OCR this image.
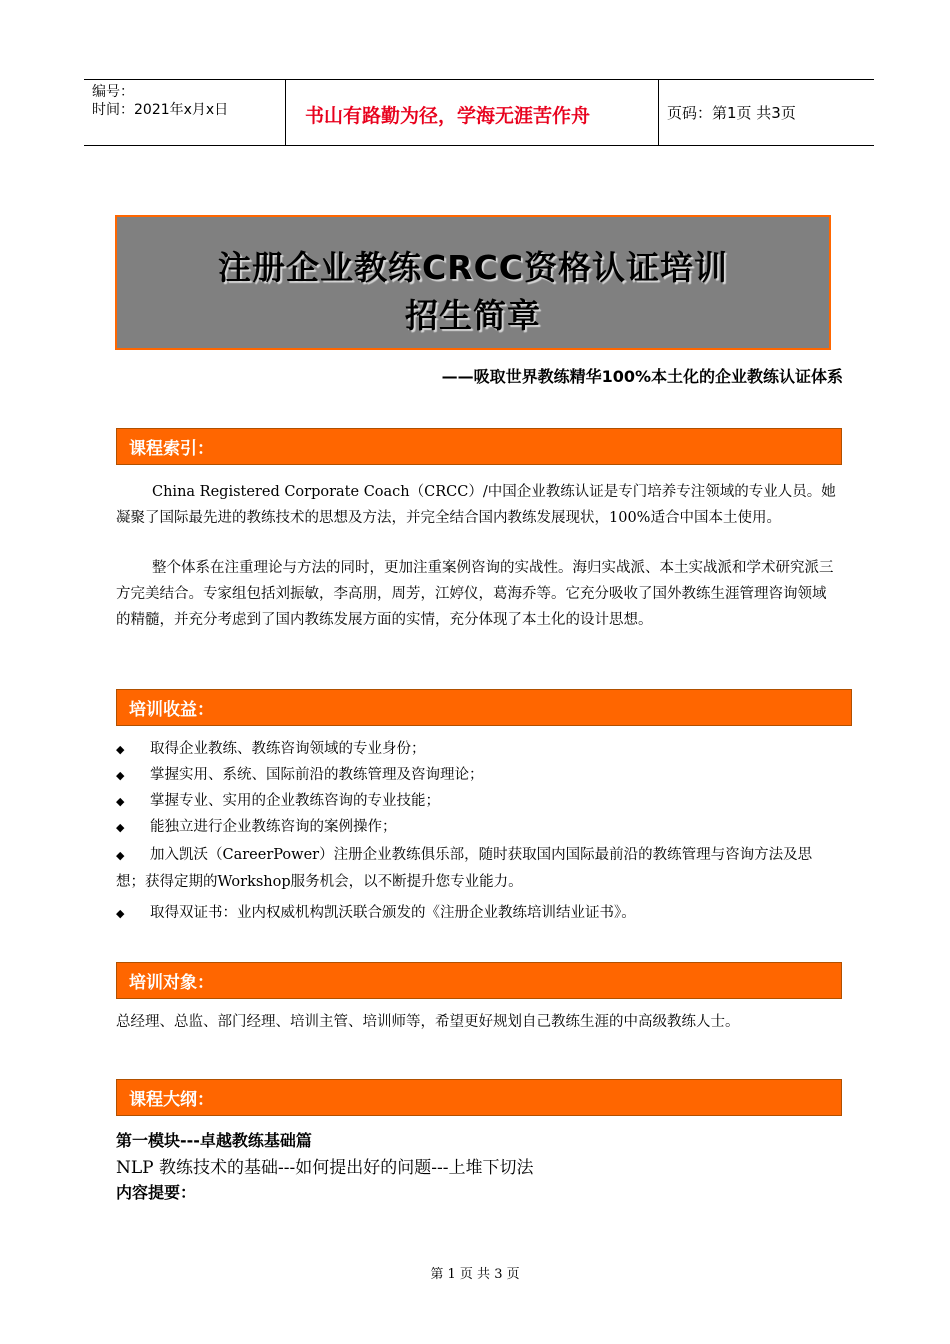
编号：
时间：2021年x月x日	书山有路勤为径，学海无涯苦作舟	页码：第1页 共3页
注册企业教练CRCC资格认证培训
招生简章
——吸取世界教练精华100%本土化的企业教练认证体系
课程索引：
China Registered Corporate Coach（CRCC）/中国企业教练认证是专门培养专注领域的专业人员。她凝聚了国际最先进的教练技术的思想及方法，并完全结合国内教练发展现状，100%适合中国本土使用。
整个体系在注重理论与方法的同时，更加注重案例咨询的实战性。海归实战派、本土实战派和学术研究派三方完美结合。专家组包括刘振敏，李高朋，周芳，江婷仪，葛海乔等。它充分吸收了国外教练生涯管理咨询领域的精髓，并充分考虑到了国内教练发展方面的实情，充分体现了本土化的设计思想。
培训收益：
◆ 取得企业教练、教练咨询领域的专业身份；
◆ 掌握实用、系统、国际前沿的教练管理及咨询理论；
◆ 掌握专业、实用的企业教练咨询的专业技能；
◆ 能独立进行企业教练咨询的案例操作；
◆ 加入凯沃（CareerPower）注册企业教练俱乐部，随时获取国内国际最前沿的教练管理与咨询方法及思想；获得定期的Workshop服务机会，以不断提升您专业能力。
◆ 取得双证书：业内权威机构凯沃联合颁发的《注册企业教练培训结业证书》。
培训对象：
总经理、总监、部门经理、培训主管、培训师等，希望更好规划自己教练生涯的中高级教练人士。
课程大纲：
第一模块---卓越教练基础篇
NLP 教练技术的基础---如何提出好的问题---上堆下切法
内容提要：
第 1 页 共 3 页
